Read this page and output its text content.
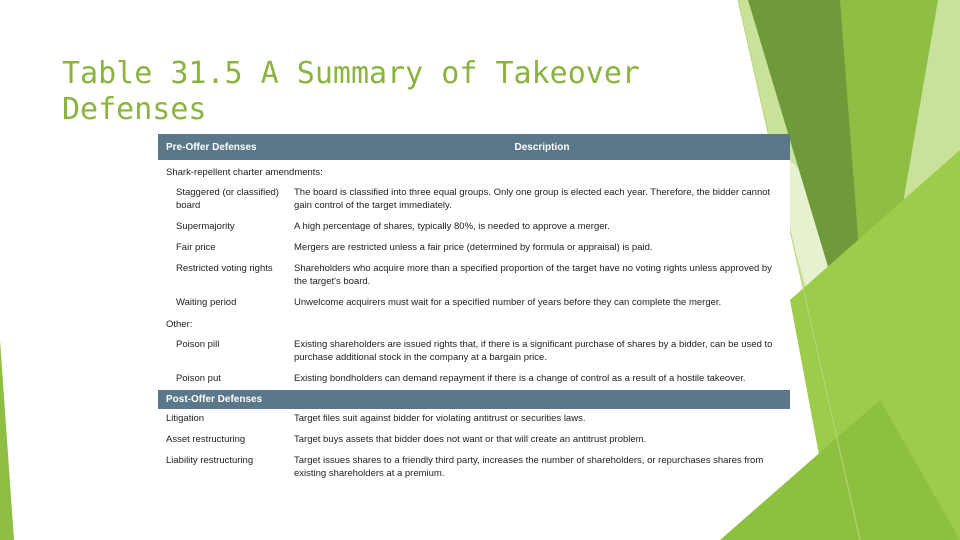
Table 31.5 A Summary of Takeover Defenses
Pre-Offer Defenses	Description
Shark-repellent charter amendments:	
Staggered (or classified) board	The board is classified into three equal groups. Only one group is elected each year. Therefore, the bidder cannot gain control of the target immediately.
Supermajority	A high percentage of shares, typically 80%, is needed to approve a merger.
Fair price	Mergers are restricted unless a fair price (determined by formula or appraisal) is paid.
Restricted voting rights	Shareholders who acquire more than a specified proportion of the target have no voting rights unless approved by the target's board.
Waiting period	Unwelcome acquirers must wait for a specified number of years before they can complete the merger.
Other:	
Poison pill	Existing shareholders are issued rights that, if there is a significant purchase of shares by a bidder, can be used to purchase additional stock in the company at a bargain price.
Poison put	Existing bondholders can demand repayment if there is a change of control as a result of a hostile takeover.
Post-Offer Defenses	
Litigation	Target files suit against bidder for violating antitrust or securities laws.
Asset restructuring	Target buys assets that bidder does not want or that will create an antitrust problem.
Liability restructuring	Target issues shares to a friendly third party, increases the number of shareholders, or repurchases shares from existing shareholders at a premium.
